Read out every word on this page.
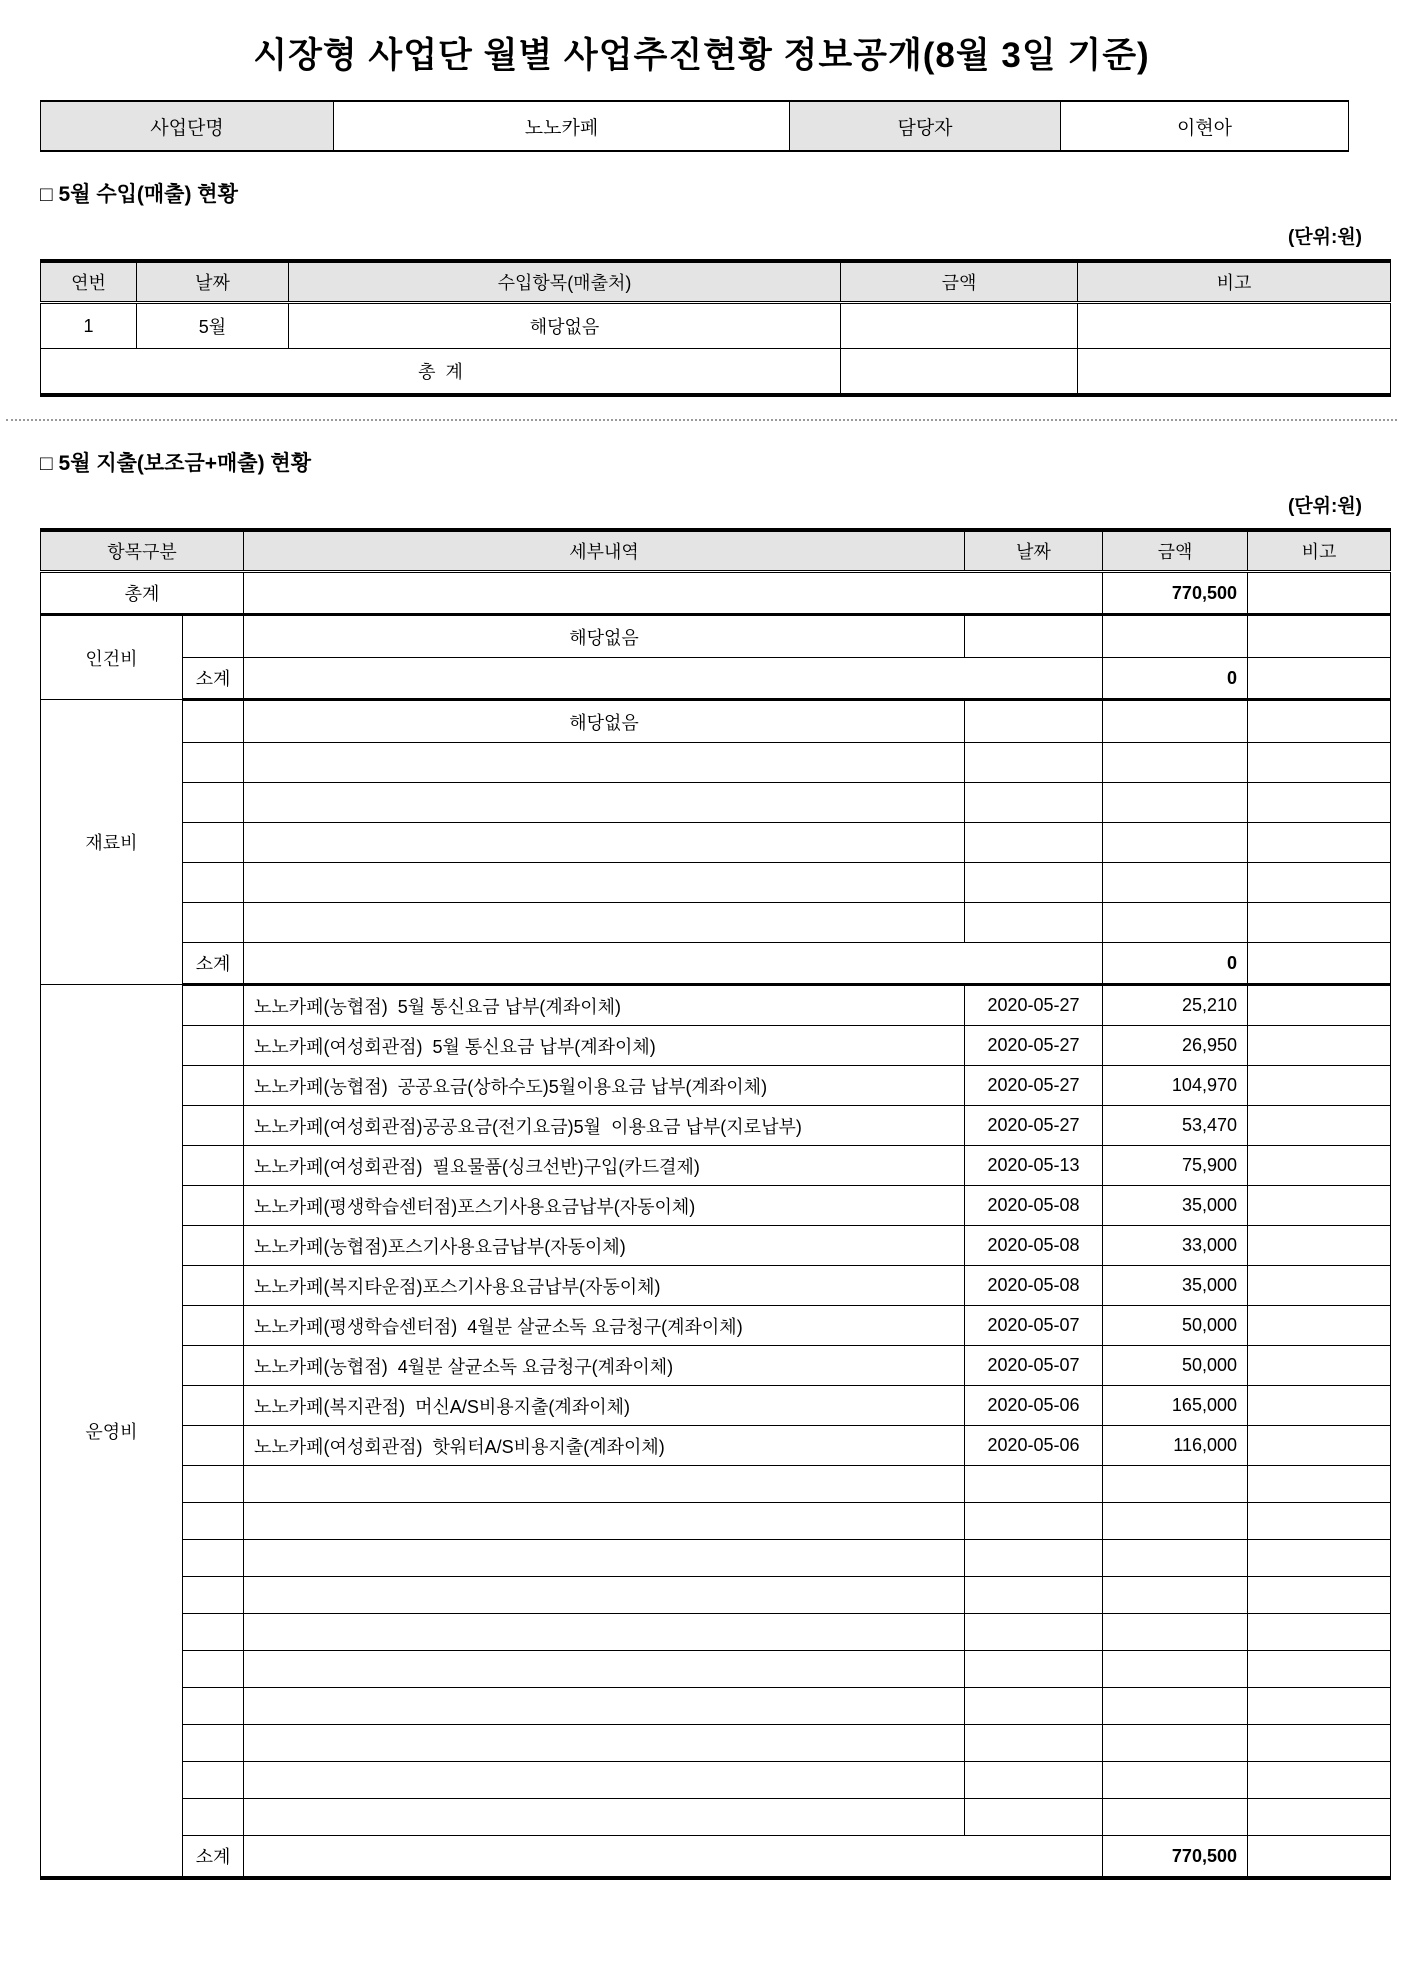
시장형 사업단 월별 사업추진현황 정보공개(8월 3일 기준)
사업단명	노노카페	담당자	이현아
□ 5월 수입(매출) 현황
(단위:원)
연번	날짜	수입항목(매출처)	금액	비고
1	5월	해당없음		
총  계				
□ 5월 지출(보조금+매출) 현황
(단위:원)
항목구분		세부내역	날짜	금액	비고
총계				770,500	
인건비		해당없음			
	소계			0	
재료비		해당없음			

	소계			0	
운영비		노노카페(농협점)  5월 통신요금 납부(계좌이체)	2020-05-27	25,210	
		노노카페(여성회관점)  5월 통신요금 납부(계좌이체)	2020-05-27	26,950	
		노노카페(농협점)  공공요금(상하수도)5월이용요금 납부(계좌이체)	2020-05-27	104,970	
		노노카페(여성회관점)공공요금(전기요금)5월  이용요금 납부(지로납부)	2020-05-27	53,470	
		노노카페(여성회관점)  필요물품(싱크선반)구입(카드결제)	2020-05-13	75,900	
		노노카페(평생학습센터점)포스기사용요금납부(자동이체)	2020-05-08	35,000	
		노노카페(농협점)포스기사용요금납부(자동이체)	2020-05-08	33,000	
		노노카페(복지타운점)포스기사용요금납부(자동이체)	2020-05-08	35,000	
		노노카페(평생학습센터점)  4월분 살균소독 요금청구(계좌이체)	2020-05-07	50,000	
		노노카페(농협점)  4월분 살균소독 요금청구(계좌이체)	2020-05-07	50,000	
		노노카페(복지관점)  머신A/S비용지출(계좌이체)	2020-05-06	165,000	
		노노카페(여성회관점)  핫워터A/S비용지출(계좌이체)	2020-05-06	116,000	

	소계			770,500	
